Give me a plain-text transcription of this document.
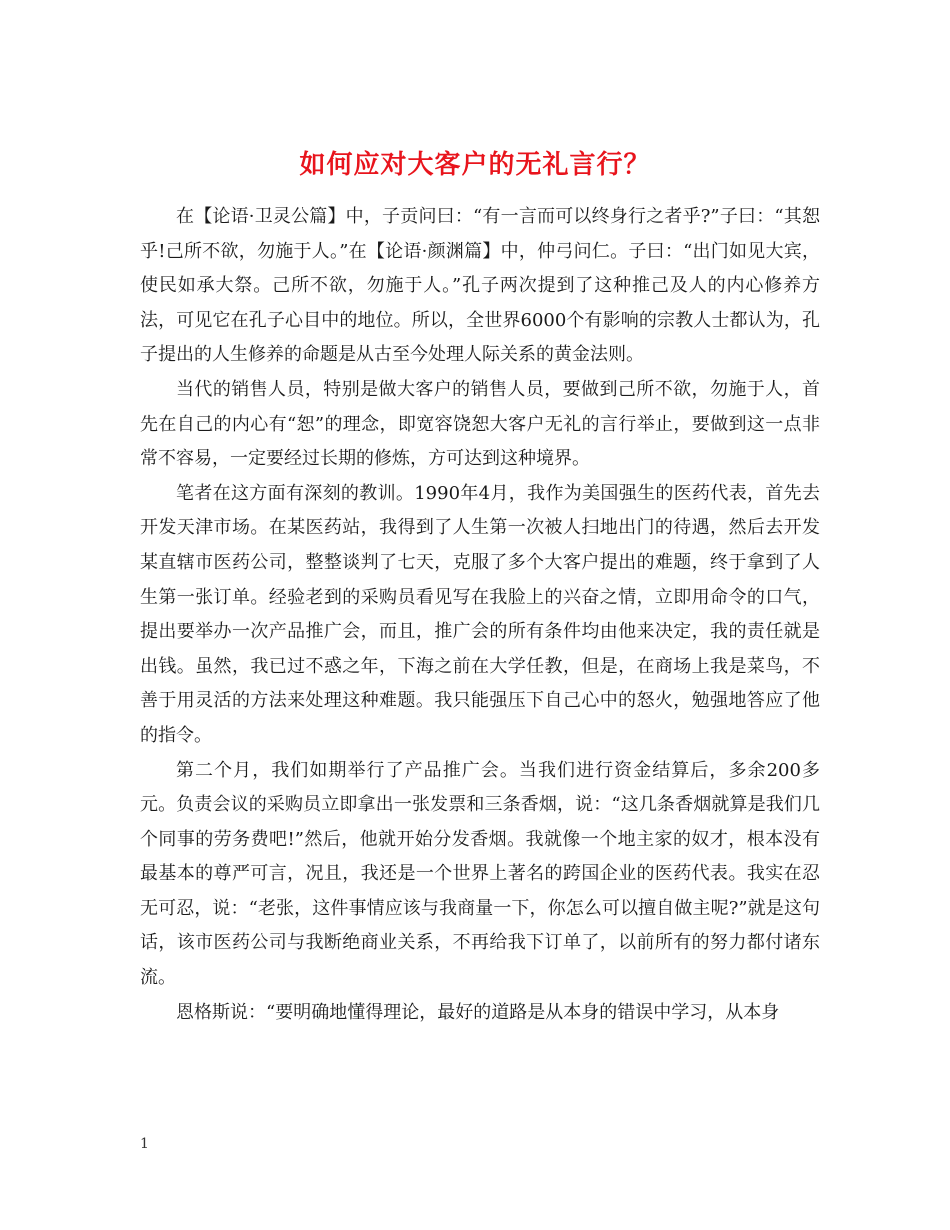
如何应对大客户的无礼言行？

在【论语·卫灵公篇】中，子贡问曰：“有一言而可以终身行之者乎?”子曰：“其恕乎!己所不欲，勿施于人。”在【论语·颜渊篇】中，仲弓问仁。子曰：“出门如见大宾，使民如承大祭。己所不欲，勿施于人。”孔子两次提到了这种推己及人的内心修养方法，可见它在孔子心目中的地位。所以，全世界6000个有影响的宗教人士都认为，孔子提出的人生修养的命题是从古至今处理人际关系的黄金法则。

当代的销售人员，特别是做大客户的销售人员，要做到己所不欲，勿施于人，首先在自己的内心有“恕”的理念，即宽容饶恕大客户无礼的言行举止，要做到这一点非常不容易，一定要经过长期的修炼，方可达到这种境界。

笔者在这方面有深刻的教训。1990年4月，我作为美国强生的医药代表，首先去开发天津市场。在某医药站，我得到了人生第一次被人扫地出门的待遇，然后去开发某直辖市医药公司，整整谈判了七天，克服了多个大客户提出的难题，终于拿到了人生第一张订单。经验老到的采购员看见写在我脸上的兴奋之情，立即用命令的口气，提出要举办一次产品推广会，而且，推广会的所有条件均由他来决定，我的责任就是出钱。虽然，我已过不惑之年，下海之前在大学任教，但是，在商场上我是菜鸟，不善于用灵活的方法来处理这种难题。我只能强压下自己心中的怒火，勉强地答应了他的指令。

第二个月，我们如期举行了产品推广会。当我们进行资金结算后，多余200多元。负责会议的采购员立即拿出一张发票和三条香烟，说：“这几条香烟就算是我们几个同事的劳务费吧!”然后，他就开始分发香烟。我就像一个地主家的奴才，根本没有最基本的尊严可言，况且，我还是一个世界上著名的跨国企业的医药代表。我实在忍无可忍，说：“老张，这件事情应该与我商量一下，你怎么可以擅自做主呢?”就是这句话，该市医药公司与我断绝商业关系，不再给我下订单了，以前所有的努力都付诸东流。

恩格斯说：“要明确地懂得理论，最好的道路是从本身的错误中学习，从本身

1
